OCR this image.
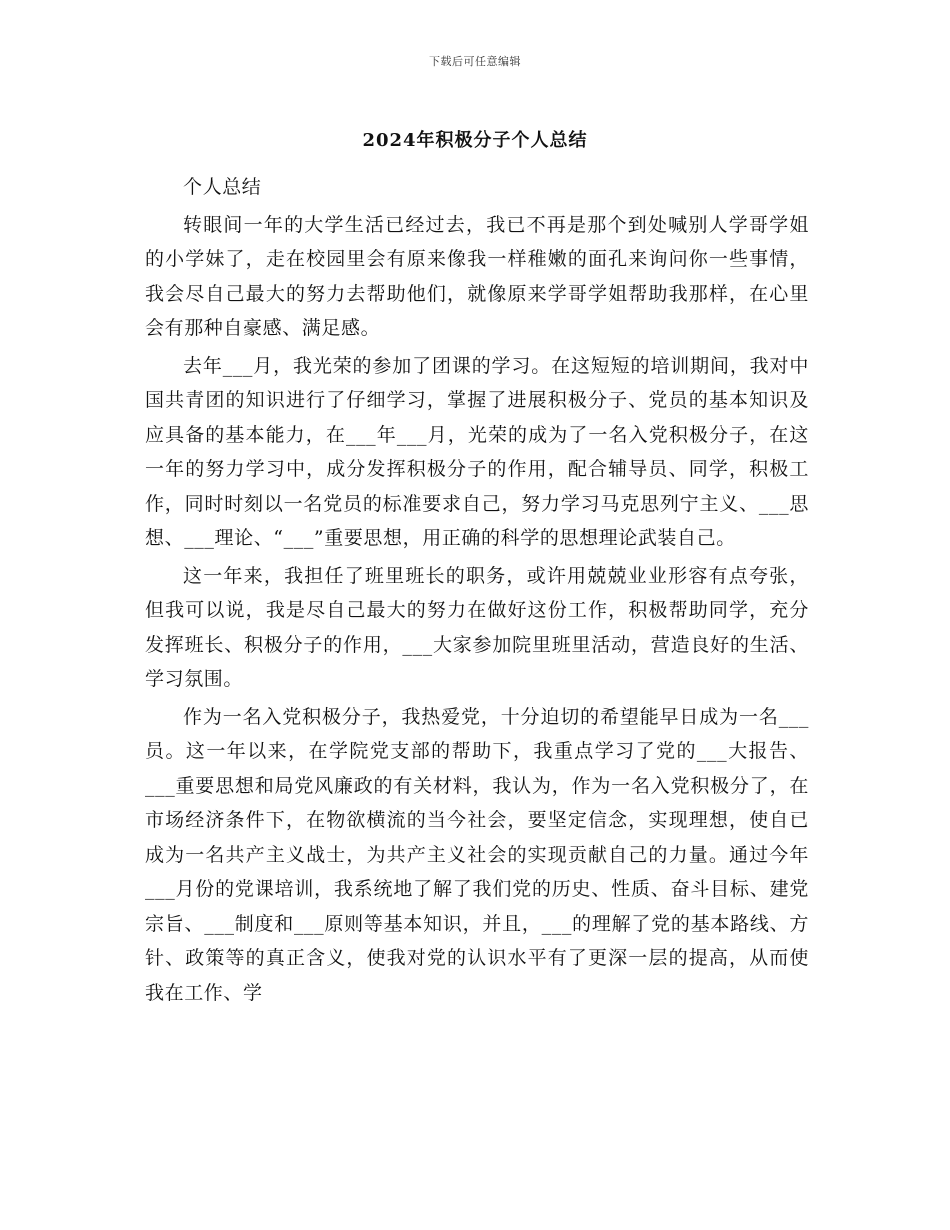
下载后可任意编辑
2024年积极分子个人总结

个人总结

转眼间一年的大学生活已经过去，我已不再是那个到处喊别人学哥学姐的小学妹了，走在校园里会有原来像我一样稚嫩的面孔来询问你一些事情，我会尽自己最大的努力去帮助他们，就像原来学哥学姐帮助我那样，在心里会有那种自豪感、满足感。

去年___月，我光荣的参加了团课的学习。在这短短的培训期间，我对中国共青团的知识进行了仔细学习，掌握了进展积极分子、党员的基本知识及应具备的基本能力，在___年___月，光荣的成为了一名入党积极分子，在这一年的努力学习中，成分发挥积极分子的作用，配合辅导员、同学，积极工作，同时时刻以一名党员的标准要求自己，努力学习马克思列宁主义、___思想、___理论、“___”重要思想，用正确的科学的思想理论武装自己。

这一年来，我担任了班里班长的职务，或许用兢兢业业形容有点夸张，但我可以说，我是尽自己最大的努力在做好这份工作，积极帮助同学，充分发挥班长、积极分子的作用，___大家参加院里班里活动，营造良好的生活、学习氛围。

作为一名入党积极分子，我热爱党，十分迫切的希望能早日成为一名___员。这一年以来，在学院党支部的帮助下，我重点学习了党的___大报告、___重要思想和局党风廉政的有关材料，我认为，作为一名入党积极分了，在市场经济条件下，在物欲横流的当今社会，要坚定信念，实现理想，使自已成为一名共产主义战士，为共产主义社会的实现贡献自己的力量。通过今年___月份的党课培训，我系统地了解了我们党的历史、性质、奋斗目标、建党宗旨、___制度和___原则等基本知识，并且，___的理解了党的基本路线、方针、政策等的真正含义，使我对党的认识水平有了更深一层的提高，从而使我在工作、学
